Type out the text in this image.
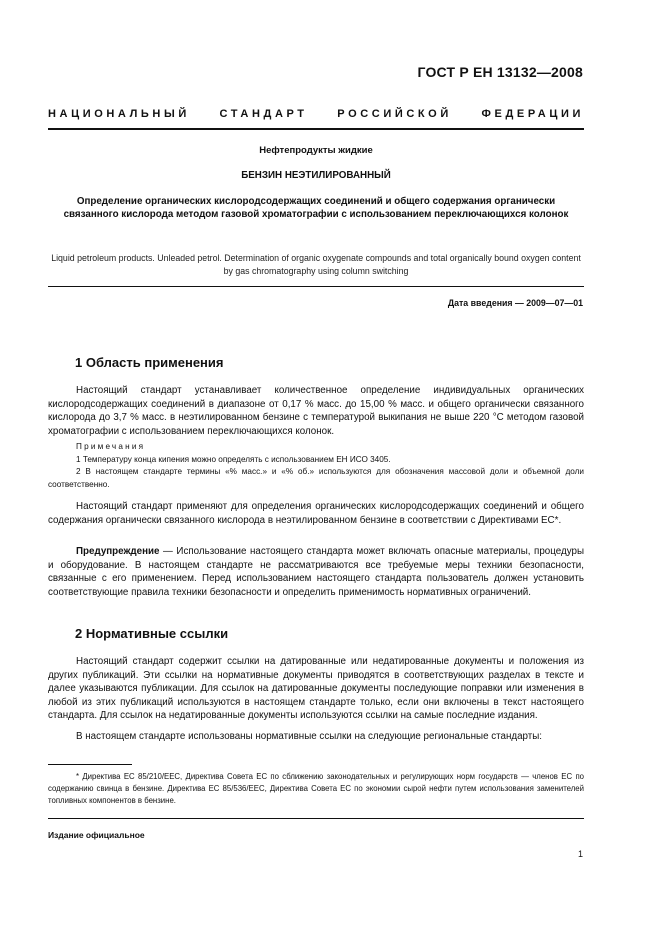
ГОСТ Р ЕН 13132—2008
НАЦИОНАЛЬНЫЙ СТАНДАРТ РОССИЙСКОЙ ФЕДЕРАЦИИ
Нефтепродукты жидкие
БЕНЗИН НЕЭТИЛИРОВАННЫЙ
Определение органических кислородсодержащих соединений и общего содержания органически связанного кислорода методом газовой хроматографии с использованием переключающихся колонок
Liquid petroleum products. Unleaded petrol. Determination of organic oxygenate compounds and total organically bound oxygen content by gas chromatography using column switching
Дата введения — 2009—07—01
1 Область применения
Настоящий стандарт устанавливает количественное определение индивидуальных органических кислородсодержащих соединений в диапазоне от 0,17 % масс. до 15,00 % масс. и общего органически связанного кислорода до 3,7 % масс. в неэтилированном бензине с температурой выкипания не выше 220 °С методом газовой хроматографии с использованием переключающихся колонок.
Примечания
1 Температуру конца кипения можно определять с использованием ЕН ИСО 3405.
2 В настоящем стандарте термины «% масс.» и «% об.» используются для обозначения массовой доли и объемной доли соответственно.
Настоящий стандарт применяют для определения органических кислородсодержащих соединений и общего содержания органически связанного кислорода в неэтилированном бензине в соответствии с Директивами ЕС*.
Предупреждение — Использование настоящего стандарта может включать опасные материалы, процедуры и оборудование. В настоящем стандарте не рассматриваются все требуемые меры техники безопасности, связанные с его применением. Перед использованием настоящего стандарта пользователь должен установить соответствующие правила техники безопасности и определить применимость нормативных ограничений.
2 Нормативные ссылки
Настоящий стандарт содержит ссылки на датированные или недатированные документы и положения из других публикаций. Эти ссылки на нормативные документы приводятся в соответствующих разделах в тексте и далее указываются публикации. Для ссылок на датированные документы последующие поправки или изменения в любой из этих публикаций используются в настоящем стандарте только, если они включены в текст настоящего стандарта. Для ссылок на недатированные документы используются ссылки на самые последние издания.
В настоящем стандарте использованы нормативные ссылки на следующие региональные стандарты:
* Директива ЕС 85/210/ЕЕС, Директива Совета ЕС по сближению законодательных и регулирующих норм государств — членов ЕС по содержанию свинца в бензине. Директива ЕС 85/536/ЕЕС, Директива Совета ЕС по экономии сырой нефти путем использования заменителей топливных компонентов в бензине.
Издание официальное
1
